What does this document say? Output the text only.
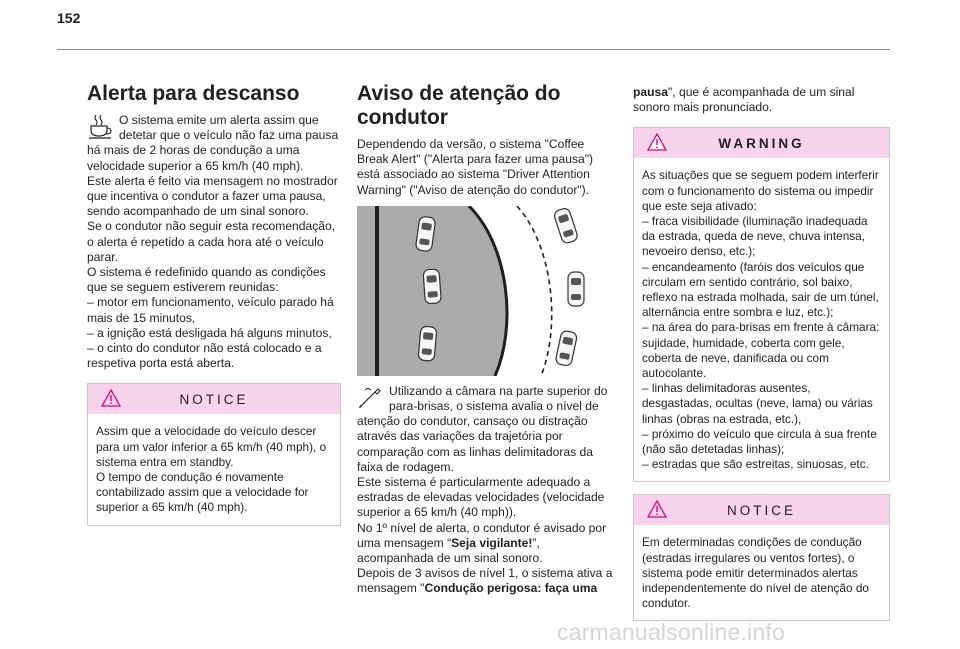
152
Alerta para descanso

O sistema emite um alerta assim que detetar que o veículo não faz uma pausa há mais de 2 horas de condução a uma velocidade superior a 65 km/h (40 mph).

Este alerta é feito via mensagem no mostrador que incentiva o condutor a fazer uma pausa, sendo acompanhado de um sinal sonoro.
Se o condutor não seguir esta recomendação, o alerta é repetido a cada hora até o veículo parar.
O sistema é redefinido quando as condições que se seguem estiverem reunidas:
– motor em funcionamento, veículo parado há mais de 15 minutos,
– a ignição está desligada há alguns minutos,
– o cinto do condutor não está colocado e a respetiva porta está aberta.

NOTICE
Assim que a velocidade do veículo descer para um valor inferior a 65 km/h (40 mph), o sistema entra em standby.
O tempo de condução é novamente contabilizado assim que a velocidade for superior a 65 km/h (40 mph).
Aviso de atenção do condutor

Dependendo da versão, o sistema "Coffee Break Alert" ("Alerta para fazer uma pausa") está associado ao sistema "Driver Attention Warning" ("Aviso de atenção do condutor").

Utilizando a câmara na parte superior do para-brisas, o sistema avalia o nível de atenção do condutor, cansaço ou distração através das variações da trajetória por comparação com as linhas delimitadoras da faixa de rodagem.

Este sistema é particularmente adequado a estradas de elevadas velocidades (velocidade superior a 65 km/h (40 mph)).
No 1º nível de alerta, o condutor é avisado por uma mensagem “Seja vigilante!”, acompanhada de um sinal sonoro.
Depois de 3 avisos de nível 1, o sistema ativa a mensagem "Condução perigosa: faça uma

pausa", que é acompanhada de um sinal sonoro mais pronunciado.

WARNING
As situações que se seguem podem interferir com o funcionamento do sistema ou impedir que este seja ativado:
– fraca visibilidade (iluminação inadequada da estrada, queda de neve, chuva intensa, nevoeiro denso, etc.);
– encandeamento (faróis dos veículos que circulam em sentido contrário, sol baixo, reflexo na estrada molhada, sair de um túnel, alternância entre sombra e luz, etc.);
– na área do para-brisas em frente à câmara: sujidade, humidade, coberta com gele, coberta de neve, danificada ou com autocolante.
– linhas delimitadoras ausentes, desgastadas, ocultas (neve, lama) ou várias linhas (obras na estrada, etc.),
– próximo do veículo que circula à sua frente (não são detetadas linhas);
– estradas que são estreitas, sinuosas, etc.
NOTICE
Em determinadas condições de condução (estradas irregulares ou ventos fortes), o sistema pode emitir determinados alertas independentemente do nível de atenção do condutor.
carmanualsonline.info
